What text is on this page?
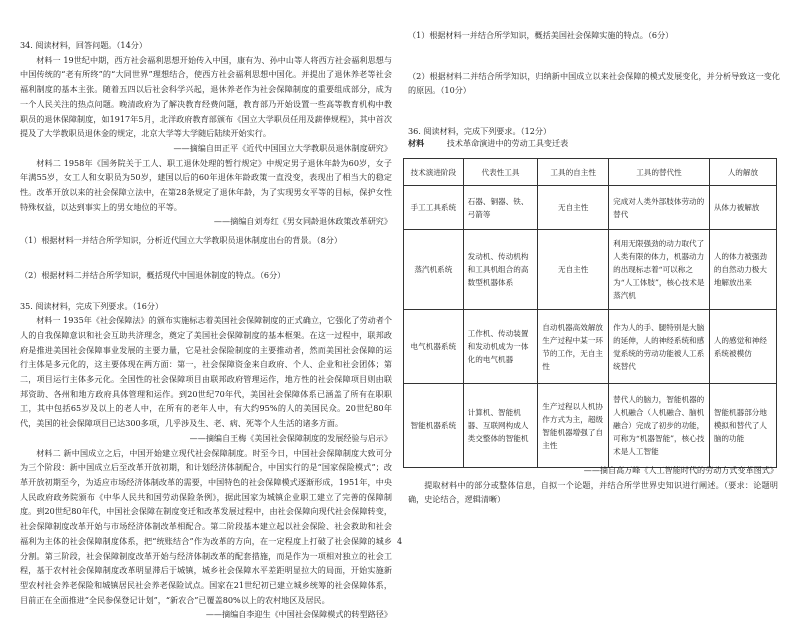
34. 阅读材料，回答问题。（14分）

材料一 19世纪中期，西方社会福利思想开始传入中国，康有为、孙中山等人将西方社会福利思想与中国传统的“老有所终”的“大同世界”理想结合，使西方社会福利思想中国化。并提出了退休养老等社会福利制度的基本主张。随着五四以后社会科学兴起，退休养老作为社会保障制度的重要组成部分，成为一个人民关注的热点问题。晚清政府为了解决教育经费问题，教育部乃开始设置一些高等教育机构中教职员的退休保障制度，如1917年5月，北洋政府教育部颁布《国立大学职员任用及薪俸规程》，其中首次提及了大学教职员退休金的规定，北京大学等大学随后陆续开始实行。

——摘编自田正平《近代中国国立大学教职员退休制度研究》

材料二 1958年《国务院关于工人、职工退休处理的暂行规定》中规定男子退休年龄为60岁，女子年满55岁，女工人和女职员为50岁，建国以后的60年退休年龄政策一直没变，表现出了相当大的稳定性。改革开放以来的社会保障立法中，在第28条规定了退休年龄，为了实现男女平等的目标，保护女性特殊权益，以达到事实上的男女地位的平等。

——摘编自刘寿红《男女同龄退休政策改革研究》

（1）根据材料一并结合所学知识，分析近代国立大学教职员退休制度出台的背景。（8分）

（2）根据材料二并结合所学知识，概括现代中国退休制度的特点。（6分）

35. 阅读材料，完成下列要求。（16分）

材料一 1935年《社会保障法》的颁布实施标志着美国社会保障制度的正式确立，它强化了劳动者个人的自我保障意识和社会互助共济理念，奠定了美国社会保障制度的基本框架。在这一过程中，联邦政府是推进美国社会保障事业发展的主要力量，它是社会保险制度的主要推动者，然而美国社会保障的运行主体是多元化的，这主要体现在两方面：第一，社会保障资金来自政府、个人、企业和社会团体；第二，项目运行主体多元化。全国性的社会保障项目由联邦政府管理运作，地方性的社会保障项目则由联邦资助、各州和地方政府具体管理和运作。到20世纪70年代，美国社会保障体系已涵盖了所有在职职工，其中包括65岁及以上的老人中，在所有的老年人中，有大约95%的人的美国民众。20世纪80年代，美国的社会保障项目已达300多项，几乎涉及生、老、病、死等个人生活的诸多方面。

——摘编自王梅《美国社会保障制度的发展经验与启示》

材料二 新中国成立之后，中国开始建立现代社会保障制度。时至今日，中国社会保障制度大致可分为三个阶段：新中国成立后至改革开放初期，和计划经济体制配合，中国实行的是“国家保险模式”；改革开放初期至今，为适应市场经济体制改革的需要，中国特色的社会保障模式逐渐形成，1951年，中央人民政府政务院颁布《中华人民共和国劳动保险条例》，据此国家为城镇企业职工建立了完善的保障制度。到20世纪80年代，中国社会保障在制度变迁和改革发展过程中，由社会保障向现代社会保障转变，社会保障制度改革开始与市场经济体制改革相配合。第二阶段基本建立起以社会保险、社会救助和社会福利为主体的社会保障制度体系，把“统账结合”作为改革的方向，在一定程度上打破了社会保障的城乡分割。第三阶段，社会保障制度改革开始与经济体制改革的配套措施，而是作为一项相对独立的社会工程，基于农村社会保障制度改革明显滞后于城镇，城乡社会保障水平差距明显拉大的局面，开始实施新型农村社会养老保险和城镇居民社会养老保险试点。国家在21世纪初已建立城乡统筹的社会保障体系，目前正在全面推进“全民参保登记计划”，“新农合”已覆盖80%以上的农村地区及居民。

——摘编自李迎生《中国社会保障模式的转型路径》

（1）根据材料一并结合所学知识，概括美国社会保障实施的特点。（6分）

（2）根据材料二并结合所学知识，归纳新中国成立以来社会保障的模式发展变化，并分析导致这一变化的原因。（10分）

36. 阅读材料，完成下列要求。（12分）

材料	技术革命演进中的劳动工具变迁表
技术演进阶段	代表性工具	工具的自主性	工具的替代性	人的解放
手工工具系统	石器、铜器、铁、弓箭等	无自主性	完成对人类外部肢体劳动的替代	从体力被解放
蒸汽机系统	发动机、传动机构和工具机组合的高数型机器体系	无自主性	利用无限强劲的动力取代了人类有限的体力，机器动力的出现标志着“可以称之为“人工体肢”，核心技术是蒸汽机	人的体力被强劲的自然动力极大地解放出来
电气机器系统	工作机、传动装置和发动机成为一体化的电气机器	自动机器高效解放生产过程中某一环节的工作，无自主性	作为人的手、腿特别是大脑的延伸，人的神经系统和感觉系统的劳动功能被人工系统替代	人的感觉和神经系统被模仿
智能机器系统	计算机、智能机器、互联网构成人类交整体的智能机	生产过程以人机协作方式为主，超级智能机器增强了自主性	替代人的脑力，智能机器的人机融合（人机融合、脑机融合）完成了初步的功能，可称为“机器智能”，核心技术是人工智能	智能机器部分地模拟和替代了人脑的功能

——摘自高万峰《人工智能时代的劳动方式变革图式》

提取材料中的部分或整体信息，自拟一个论题，并结合所学世界史知识进行阐述。（要求：论题明确，史论结合，逻辑清晰）

4
